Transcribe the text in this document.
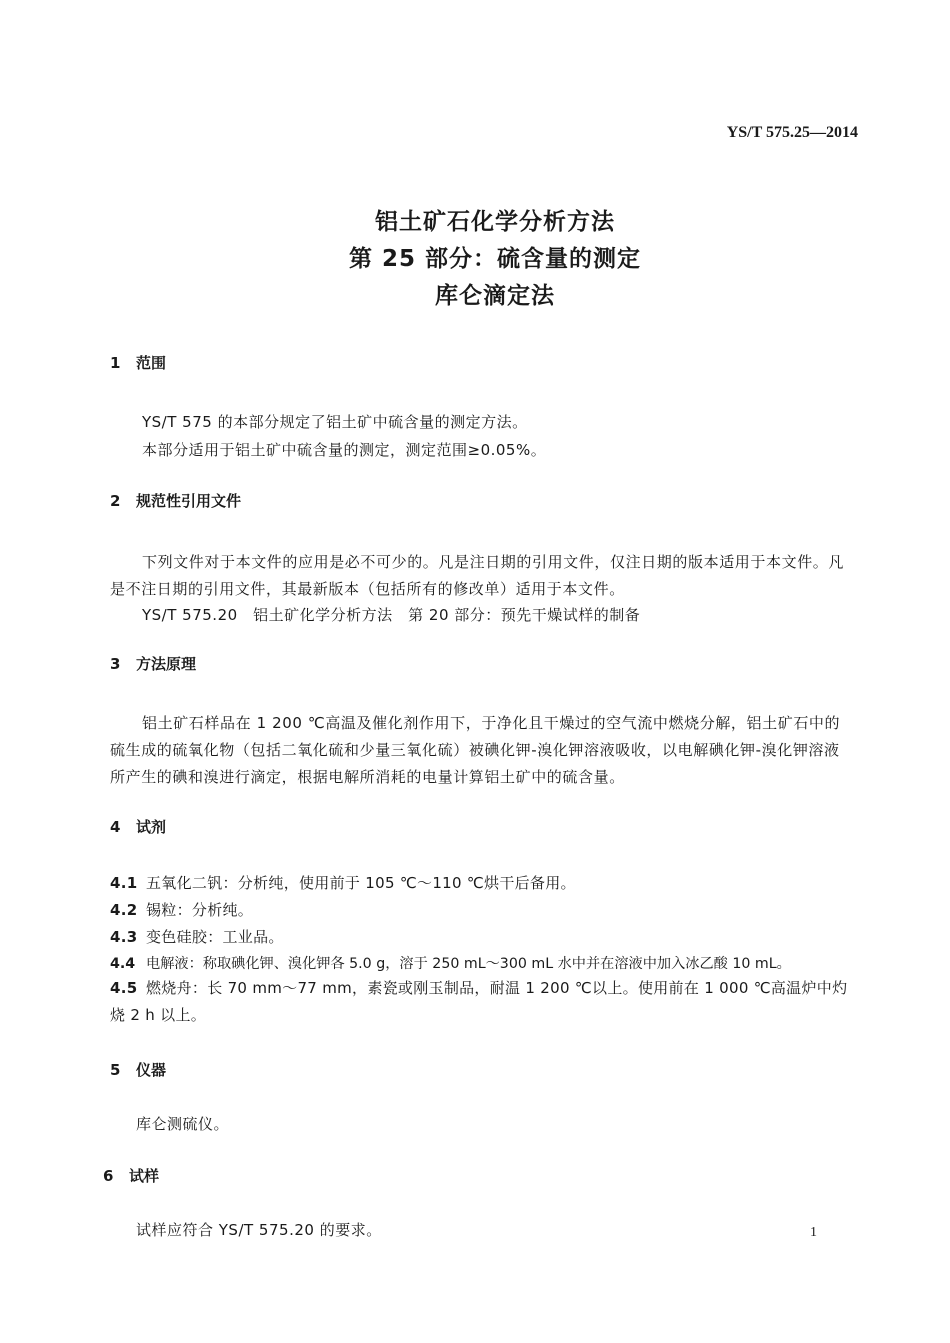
YS/T 575.25—2014
铝土矿石化学分析方法
第 25 部分：硫含量的测定
库仑滴定法
1 范围
YS/T 575 的本部分规定了铝土矿中硫含量的测定方法。
本部分适用于铝土矿中硫含量的测定，测定范围≥0.05%。
2 规范性引用文件
下列文件对于本文件的应用是必不可少的。凡是注日期的引用文件，仅注日期的版本适用于本文件。凡是不注日期的引用文件，其最新版本（包括所有的修改单）适用于本文件。
YS/T 575.20　铝土矿化学分析方法　第 20 部分：预先干燥试样的制备
3 方法原理
铝土矿石样品在 1 200 ℃高温及催化剂作用下，于净化且干燥过的空气流中燃烧分解，铝土矿石中的硫生成的硫氧化物（包括二氧化硫和少量三氧化硫）被碘化钾-溴化钾溶液吸收，以电解碘化钾-溴化钾溶液所产生的碘和溴进行滴定，根据电解所消耗的电量计算铝土矿中的硫含量。
4 试剂
4.1 五氧化二钒：分析纯，使用前于 105 ℃～110 ℃烘干后备用。
4.2 锡粒：分析纯。
4.3 变色硅胶：工业品。
4.4 电解液：称取碘化钾、溴化钾各 5.0 g，溶于 250 mL～300 mL 水中并在溶液中加入冰乙酸 10 mL。
4.5 燃烧舟：长 70 mm～77 mm，素瓷或刚玉制品，耐温 1 200 ℃以上。使用前在 1 000 ℃高温炉中灼烧 2 h 以上。
5 仪器
库仑测硫仪。
6 试样
试样应符合 YS/T 575.20 的要求。	1
